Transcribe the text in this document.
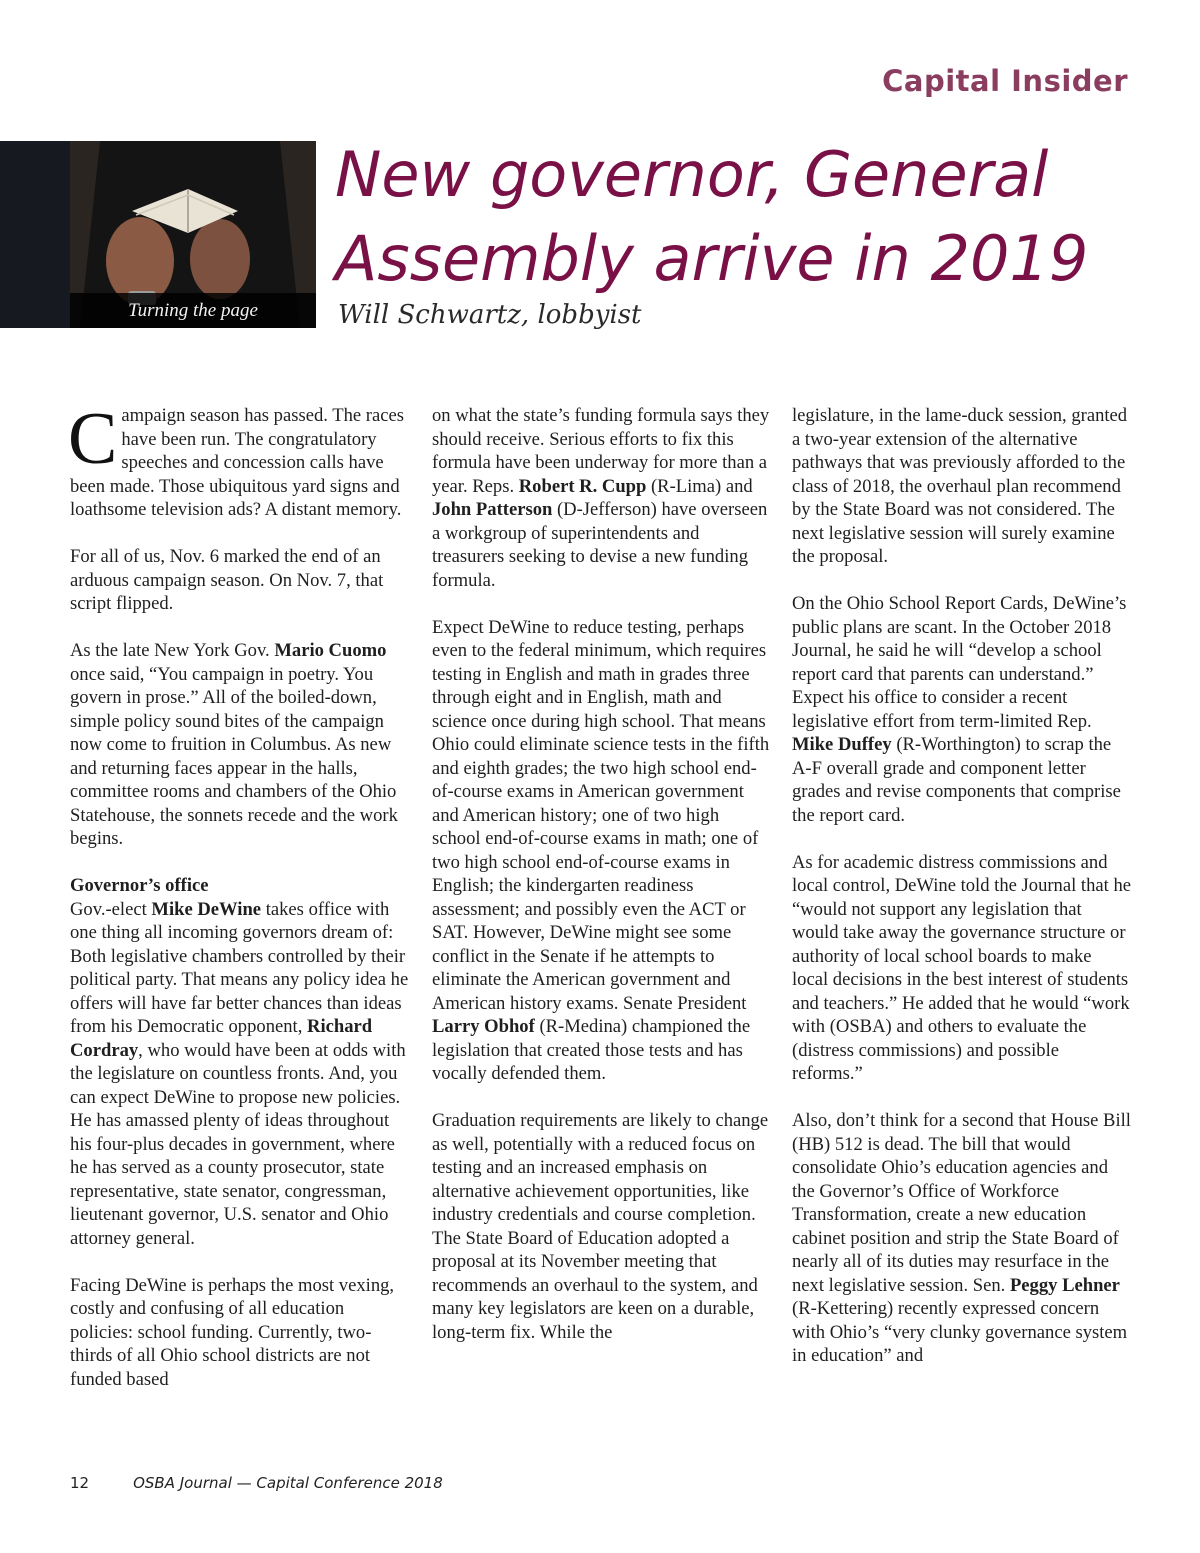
Capital Insider
Turning the page
New governor, General Assembly arrive in 2019
Will Schwartz, lobbyist

Campaign season has passed. The races have been run. The congratulatory speeches and concession calls have been made. Those ubiquitous yard signs and loathsome television ads? A distant memory.

For all of us, Nov. 6 marked the end of an arduous campaign season. On Nov. 7, that script flipped.

As the late New York Gov. Mario Cuomo once said, “You campaign in poetry. You govern in prose.” All of the boiled-down, simple policy sound bites of the campaign now come to fruition in Columbus. As new and returning faces appear in the halls, committee rooms and chambers of the Ohio Statehouse, the sonnets recede and the work begins.

Governor’s office

Gov.-elect Mike DeWine takes office with one thing all incoming governors dream of: Both legislative chambers controlled by their political party. That means any policy idea he offers will have far better chances than ideas from his Democratic opponent, Richard Cordray, who would have been at odds with the legislature on countless fronts. And, you can expect DeWine to propose new policies. He has amassed plenty of ideas throughout his four-plus decades in government, where he has served as a county prosecutor, state representative, state senator, congressman, lieutenant governor, U.S. senator and Ohio attorney general.

Facing DeWine is perhaps the most vexing, costly and confusing of all education policies: school funding. Currently, two-thirds of all Ohio school districts are not funded based

on what the state’s funding formula says they should receive. Serious efforts to fix this formula have been underway for more than a year. Reps. Robert R. Cupp (R-Lima) and John Patterson (D-Jefferson) have overseen a workgroup of superintendents and treasurers seeking to devise a new funding formula.

Expect DeWine to reduce testing, perhaps even to the federal minimum, which requires testing in English and math in grades three through eight and in English, math and science once during high school. That means Ohio could eliminate science tests in the fifth and eighth grades; the two high school end-of-course exams in American government and American history; one of two high school end-of-course exams in math; one of two high school end-of-course exams in English; the kindergarten readiness assessment; and possibly even the ACT or SAT. However, DeWine might see some conflict in the Senate if he attempts to eliminate the American government and American history exams. Senate President Larry Obhof (R-Medina) championed the legislation that created those tests and has vocally defended them.

Graduation requirements are likely to change as well, potentially with a reduced focus on testing and an increased emphasis on alternative achievement opportunities, like industry credentials and course completion. The State Board of Education adopted a proposal at its November meeting that recommends an overhaul to the system, and many key legislators are keen on a durable, long-term fix. While the

legislature, in the lame-duck session, granted a two-year extension of the alternative pathways that was previously afforded to the class of 2018, the overhaul plan recommend by the State Board was not considered. The next legislative session will surely examine the proposal.

On the Ohio School Report Cards, DeWine’s public plans are scant. In the October 2018 Journal, he said he will “develop a school report card that parents can understand.” Expect his office to consider a recent legislative effort from term-limited Rep. Mike Duffey (R-Worthington) to scrap the A-F overall grade and component letter grades and revise components that comprise the report card.

As for academic distress commissions and local control, DeWine told the Journal that he “would not support any legislation that would take away the governance structure or authority of local school boards to make local decisions in the best interest of students and teachers.” He added that he would “work with (OSBA) and others to evaluate the (distress commissions) and possible reforms.”

Also, don’t think for a second that House Bill (HB) 512 is dead. The bill that would consolidate Ohio’s education agencies and the Governor’s Office of Workforce Transformation, create a new education cabinet position and strip the State Board of nearly all of its duties may resurface in the next legislative session. Sen. Peggy Lehner (R-Kettering) recently expressed concern with Ohio’s “very clunky governance system in education” and

12	OSBA Journal — Capital Conference 2018
